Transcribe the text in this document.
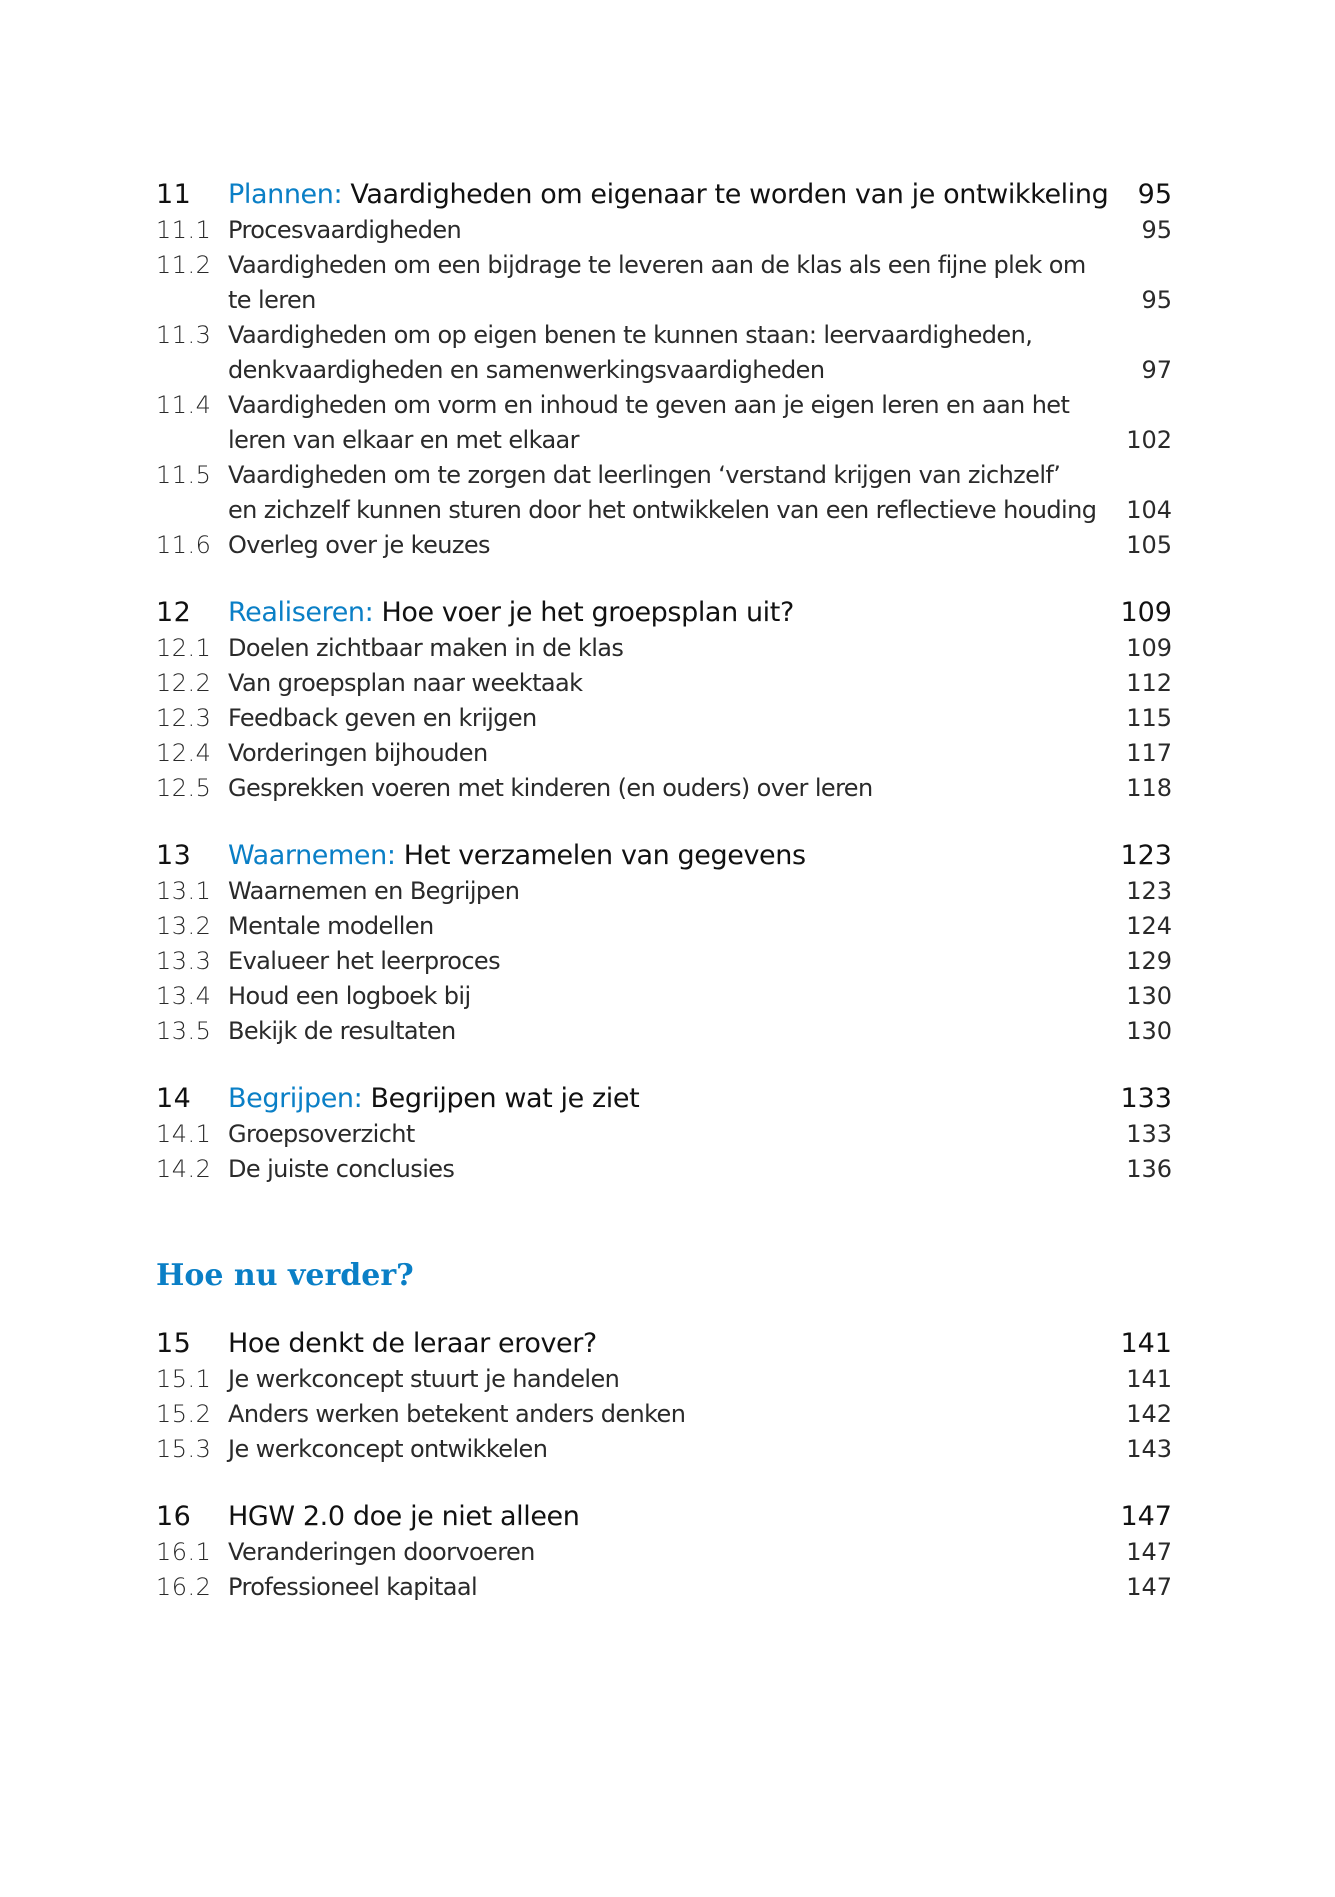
11 Plannen: Vaardigheden om eigenaar te worden van je ontwikkeling 95
11.1 Procesvaardigheden	95
11.2 Vaardigheden om een bijdrage te leveren aan de klas als een fijne plek om
te leren	95
11.3 Vaardigheden om op eigen benen te kunnen staan: leervaardigheden,
denkvaardigheden en samenwerkingsvaardigheden	97
11.4 Vaardigheden om vorm en inhoud te geven aan je eigen leren en aan het
leren van elkaar en met elkaar	102
11.5 Vaardigheden om te zorgen dat leerlingen ‘verstand krijgen van zichzelf’
en zichzelf kunnen sturen door het ontwikkelen van een reflectieve houding 104
11.6 Overleg over je keuzes	105
12 Realiseren: Hoe voer je het groepsplan uit?	109
12.1 Doelen zichtbaar maken in de klas	109
12.2 Van groepsplan naar weektaak	112
12.3 Feedback geven en krijgen	115
12.4 Vorderingen bijhouden	117
12.5 Gesprekken voeren met kinderen (en ouders) over leren	118
13 Waarnemen: Het verzamelen van gegevens	123
13.1 Waarnemen en Begrijpen	123
13.2 Mentale modellen	124
13.3 Evalueer het leerproces	129
13.4 Houd een logboek bij	130
13.5 Bekijk de resultaten	130
14 Begrijpen: Begrijpen wat je ziet	133
14.1 Groepsoverzicht	133
14.2 De juiste conclusies	136
15 Hoe denkt de leraar erover?	141
15.1 Je werkconcept stuurt je handelen	141
15.2 Anders werken betekent anders denken	142
15.3 Je werkconcept ontwikkelen	143
16 HGW 2.0 doe je niet alleen	147
16.1 Veranderingen doorvoeren	147
16.2 Professioneel kapitaal	147
Hoe nu verder?
